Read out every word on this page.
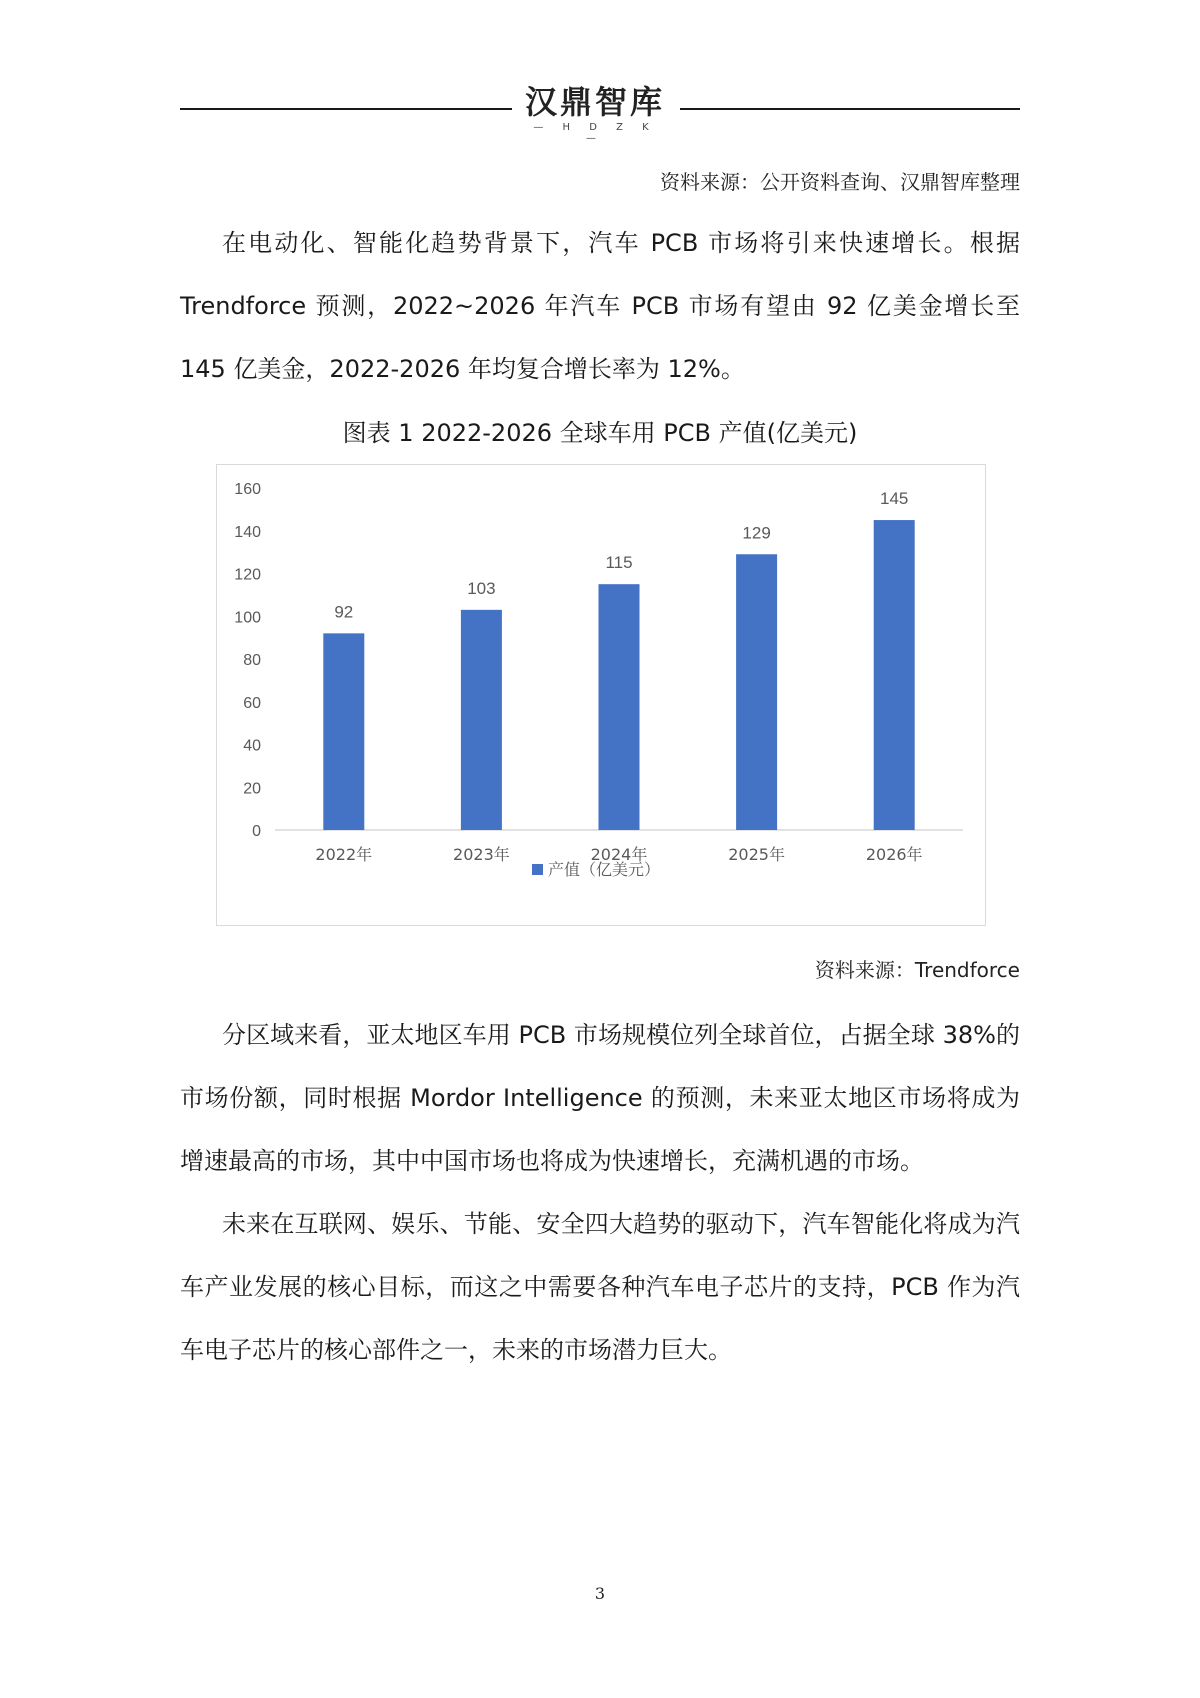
汉鼎智库
— H D Z K —
资料来源：公开资料查询、汉鼎智库整理

在电动化、智能化趋势背景下，汽车 PCB 市场将引来快速增长。根据 Trendforce 预测，2022~2026 年汽车 PCB 市场有望由 92 亿美金增长至 145 亿美金，2022-2026 年均复合增长率为 12%。

图表 1 2022-2026 全球车用 PCB 产值(亿美元)
0
20
40
60
80
100
120
140
160
92
2022年
103
2023年
115
2024年
129
2025年
145
2026年
产值（亿美元）
资料来源：Trendforce

分区域来看，亚太地区车用 PCB 市场规模位列全球首位，占据全球 38%的市场份额，同时根据 Mordor Intelligence 的预测，未来亚太地区市场将成为增速最高的市场，其中中国市场也将成为快速增长，充满机遇的市场。

未来在互联网、娱乐、节能、安全四大趋势的驱动下，汽车智能化将成为汽车产业发展的核心目标，而这之中需要各种汽车电子芯片的支持，PCB 作为汽车电子芯片的核心部件之一，未来的市场潜力巨大。

3
